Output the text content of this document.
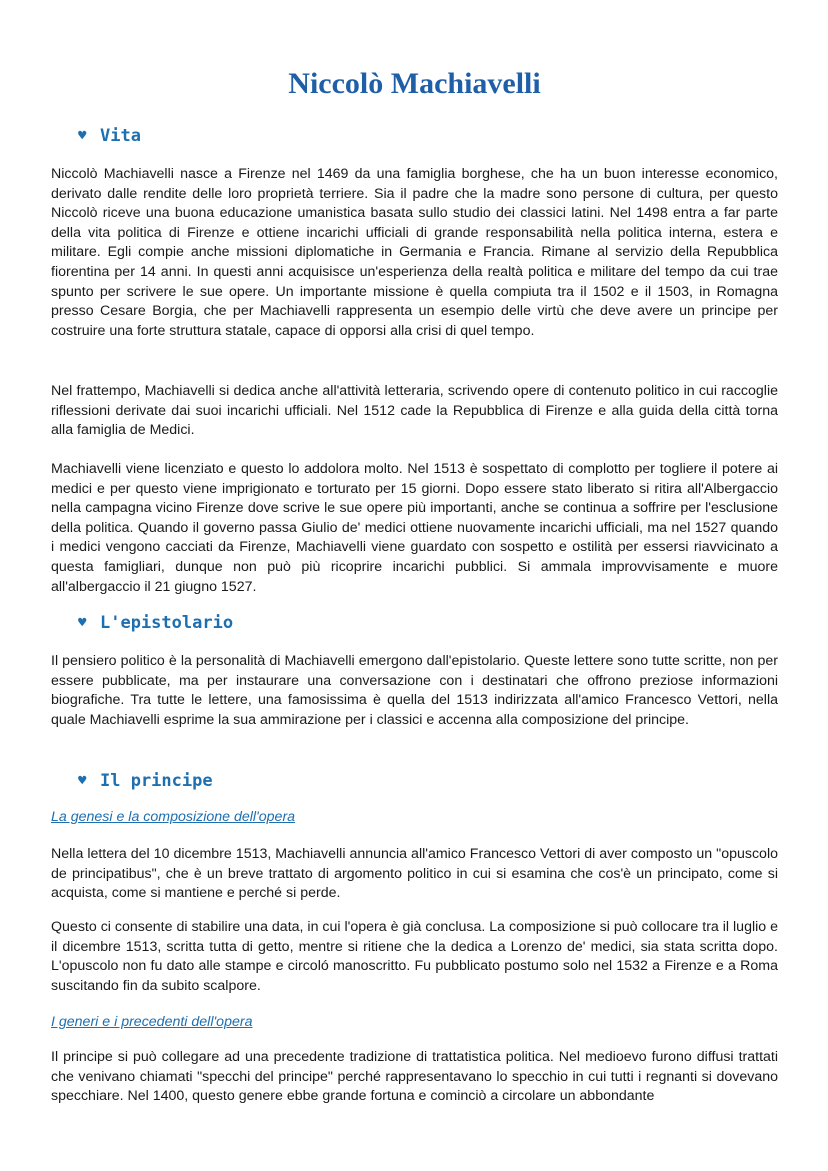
Niccolò Machiavelli
♥ Vita

Niccolò Machiavelli nasce a Firenze nel 1469 da una famiglia borghese, che ha un buon interesse economico, derivato dalle rendite delle loro proprietà terriere. Sia il padre che la madre sono persone di cultura, per questo Niccolò riceve una buona educazione umanistica basata sullo studio dei classici latini. Nel 1498 entra a far parte della vita politica di Firenze e ottiene incarichi ufficiali di grande responsabilità nella politica interna, estera e militare. Egli compie anche missioni diplomatiche in Germania e Francia. Rimane al servizio della Repubblica fiorentina per 14 anni. In questi anni acquisisce un'esperienza della realtà politica e militare del tempo da cui trae spunto per scrivere le sue opere. Un importante missione è quella compiuta tra il 1502 e il 1503, in Romagna presso Cesare Borgia, che per Machiavelli rappresenta un esempio delle virtù che deve avere un principe per costruire una forte struttura statale, capace di opporsi alla crisi di quel tempo.

Nel frattempo, Machiavelli si dedica anche all'attività letteraria, scrivendo opere di contenuto politico in cui raccoglie riflessioni derivate dai suoi incarichi ufficiali. Nel 1512 cade la Repubblica di Firenze e alla guida della città torna alla famiglia de Medici.

Machiavelli viene licenziato e questo lo addolora molto. Nel 1513 è sospettato di complotto per togliere il potere ai medici e per questo viene imprigionato e torturato per 15 giorni. Dopo essere stato liberato si ritira all'Albergaccio nella campagna vicino Firenze dove scrive le sue opere più importanti, anche se continua a soffrire per l'esclusione della politica. Quando il governo passa Giulio de' medici ottiene nuovamente incarichi ufficiali, ma nel 1527 quando i medici vengono cacciati da Firenze, Machiavelli viene guardato con sospetto e ostilità per essersi riavvicinato a questa famigliari, dunque non può più ricoprire incarichi pubblici. Si ammala improvvisamente e muore all'albergaccio il 21 giugno 1527.

♥ L'epistolario

Il pensiero politico è la personalità di Machiavelli emergono dall'epistolario. Queste lettere sono tutte scritte, non per essere pubblicate, ma per instaurare una conversazione con i destinatari che offrono preziose informazioni biografiche. Tra tutte le lettere, una famosissima è quella del 1513 indirizzata all'amico Francesco Vettori, nella quale Machiavelli esprime la sua ammirazione per i classici e accenna alla composizione del principe.

♥ Il principe

La genesi e la composizione dell'opera

Nella lettera del 10 dicembre 1513, Machiavelli annuncia all'amico Francesco Vettori di aver composto un "opuscolo de principatibus", che è un breve trattato di argomento politico in cui si esamina che cos'è un principato, come si acquista, come si mantiene e perché si perde.

Questo ci consente di stabilire una data, in cui l'opera è già conclusa. La composizione si può collocare tra il luglio e il dicembre 1513, scritta tutta di getto, mentre si ritiene che la dedica a Lorenzo de' medici, sia stata scritta dopo. L'opuscolo non fu dato alle stampe e circoló manoscritto. Fu pubblicato postumo solo nel 1532 a Firenze e a Roma suscitando fin da subito scalpore.

I generi e i precedenti dell'opera

Il principe si può collegare ad una precedente tradizione di trattatistica politica. Nel medioevo furono diffusi trattati che venivano chiamati "specchi del principe" perché rappresentavano lo specchio in cui tutti i regnanti si dovevano specchiare. Nel 1400, questo genere ebbe grande fortuna e cominciò a circolare un abbondante
